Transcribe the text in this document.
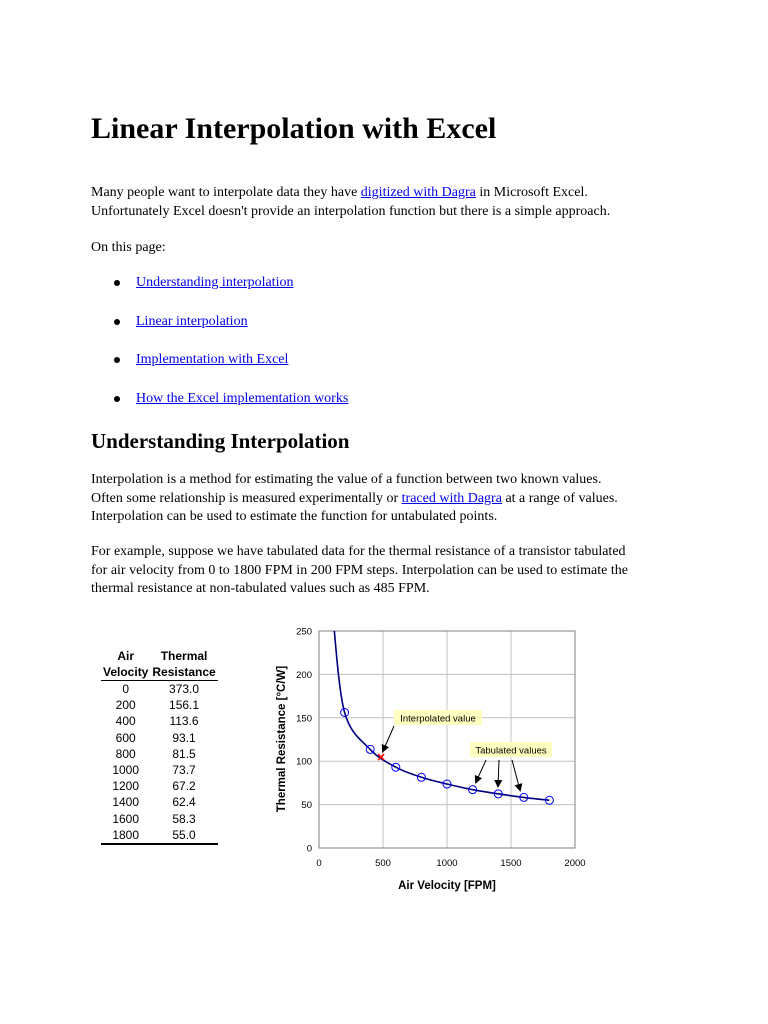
Linear Interpolation with Excel

Many people want to interpolate data they have digitized with Dagra in Microsoft Excel.
Unfortunately Excel doesn't provide an interpolation function but there is a simple approach.

On this page:

Understanding interpolation
Linear interpolation
Implementation with Excel
How the Excel implementation works
Understanding Interpolation

Interpolation is a method for estimating the value of a function between two known values.
Often some relationship is measured experimentally or traced with Dagra at a range of values.
Interpolation can be used to estimate the function for untabulated points.

For example, suppose we have tabulated data for the thermal resistance of a transistor tabulated
for air velocity from 0 to 1800 FPM in 200 FPM steps. Interpolation can be used to estimate the
thermal resistance at non-tabulated values such as 485 FPM.

Air	Thermal
Velocity	Resistance
0	373.0
200	156.1
400	113.6
600	93.1
800	81.5
1000	73.7
1200	67.2
1400	62.4
1600	58.3
1800	55.0
0
50
100
150
200
250
0	500	1000	1500	2000
Interpolated value
Tabulated values
Air Velocity [FPM]
Thermal Resistance [°C/W]
